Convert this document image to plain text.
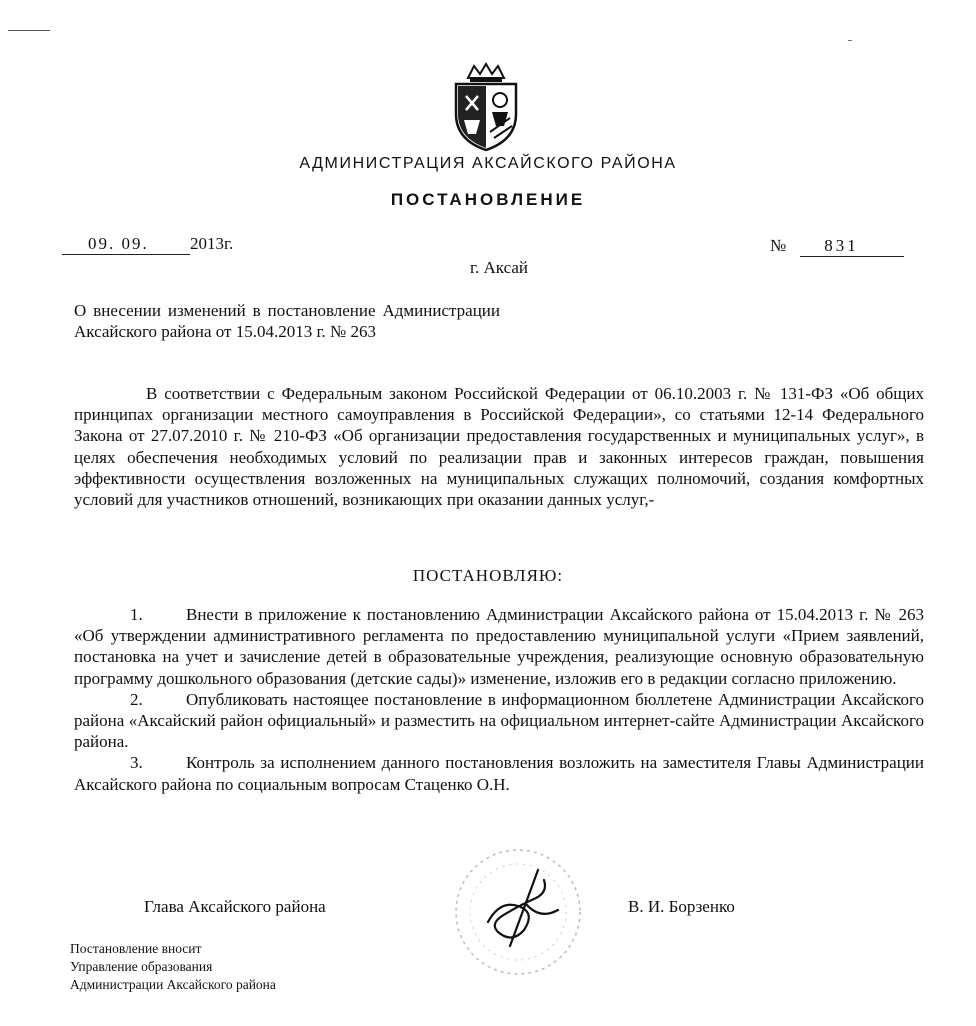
АДМИНИСТРАЦИЯ АКСАЙСКОГО РАЙОНА
ПОСТАНОВЛЕНИЕ
09. 09. 2013г.	№ 831
г. Аксай
О внесении изменений в постановление Администрации Аксайского района от 15.04.2013 г. № 263
В соответствии с Федеральным законом Российской Федерации от 06.10.2003 г. № 131-ФЗ «Об общих принципах организации местного самоуправления в Российской Федерации», со статьями 12-14 Федерального Закона от 27.07.2010 г. № 210-ФЗ «Об организации предоставления государственных и муниципальных услуг», в целях обеспечения необходимых условий по реализации прав и законных интересов граждан, повышения эффективности осуществления возложенных на муниципальных служащих полномочий, создания комфортных условий для участников отношений, возникающих при оказании данных услуг,-
ПОСТАНОВЛЯЮ:

1.	Внести в приложение к постановлению Администрации Аксайского района от 15.04.2013 г. № 263 «Об утверждении административного регламента по предоставлению муниципальной услуги «Прием заявлений, постановка на учет и зачисление детей в образовательные учреждения, реализующие основную образовательную программу дошкольного образования (детские сады)» изменение, изложив его в редакции согласно приложению.

2.	Опубликовать настоящее постановление в информационном бюллетене Администрации Аксайского района «Аксайский район официальный» и разместить на официальном интернет-сайте Администрации Аксайского района.

3.	Контроль за исполнением данного постановления возложить на заместителя Главы Администрации Аксайского района по социальным вопросам Стаценко О.Н.

Глава Аксайского района	В. И. Борзенко
Постановление вносит
Управление образования
Администрации Аксайского района
